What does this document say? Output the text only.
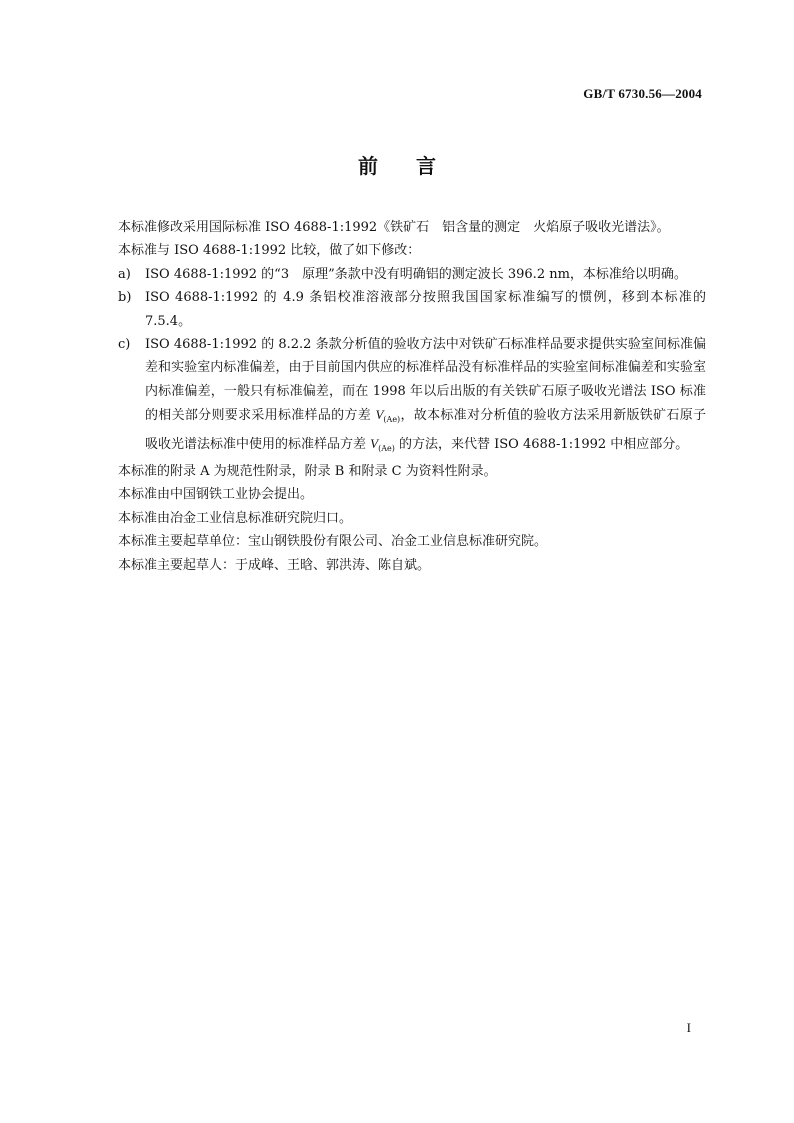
GB/T 6730.56—2004
前言

本标准修改采用国际标准 ISO 4688-1:1992《铁矿石　铝含量的测定　火焰原子吸收光谱法》。

本标准与 ISO 4688-1:1992 比较，做了如下修改：

a)	ISO 4688-1:1992 的“3　原理”条款中没有明确铝的测定波长 396.2 nm，本标准给以明确。
b)	ISO 4688-1:1992 的 4.9 条铝校准溶液部分按照我国国家标准编写的惯例，移到本标准的7.5.4。
c)	ISO 4688-1:1992 的 8.2.2 条款分析值的验收方法中对铁矿石标准样品要求提供实验室间标准偏差和实验室内标准偏差，由于目前国内供应的标准样品没有标准样品的实验室间标准偏差和实验室内标准偏差，一般只有标准偏差，而在 1998 年以后出版的有关铁矿石原子吸收光谱法 ISO 标准的相关部分则要求采用标准样品的方差 $V_{(Ae)}$，故本标准对分析值的验收方法采用新版铁矿石原子吸收光谱法标准中使用的标准样品方差 $V_{(Ae)}$ 的方法，来代替 ISO 4688-1:1992 中相应部分。

本标准的附录 A 为规范性附录，附录 B 和附录 C 为资料性附录。

本标准由中国钢铁工业协会提出。

本标准由冶金工业信息标准研究院归口。

本标准主要起草单位：宝山钢铁股份有限公司、冶金工业信息标准研究院。

本标准主要起草人：于成峰、王晗、郭洪涛、陈自斌。

I
